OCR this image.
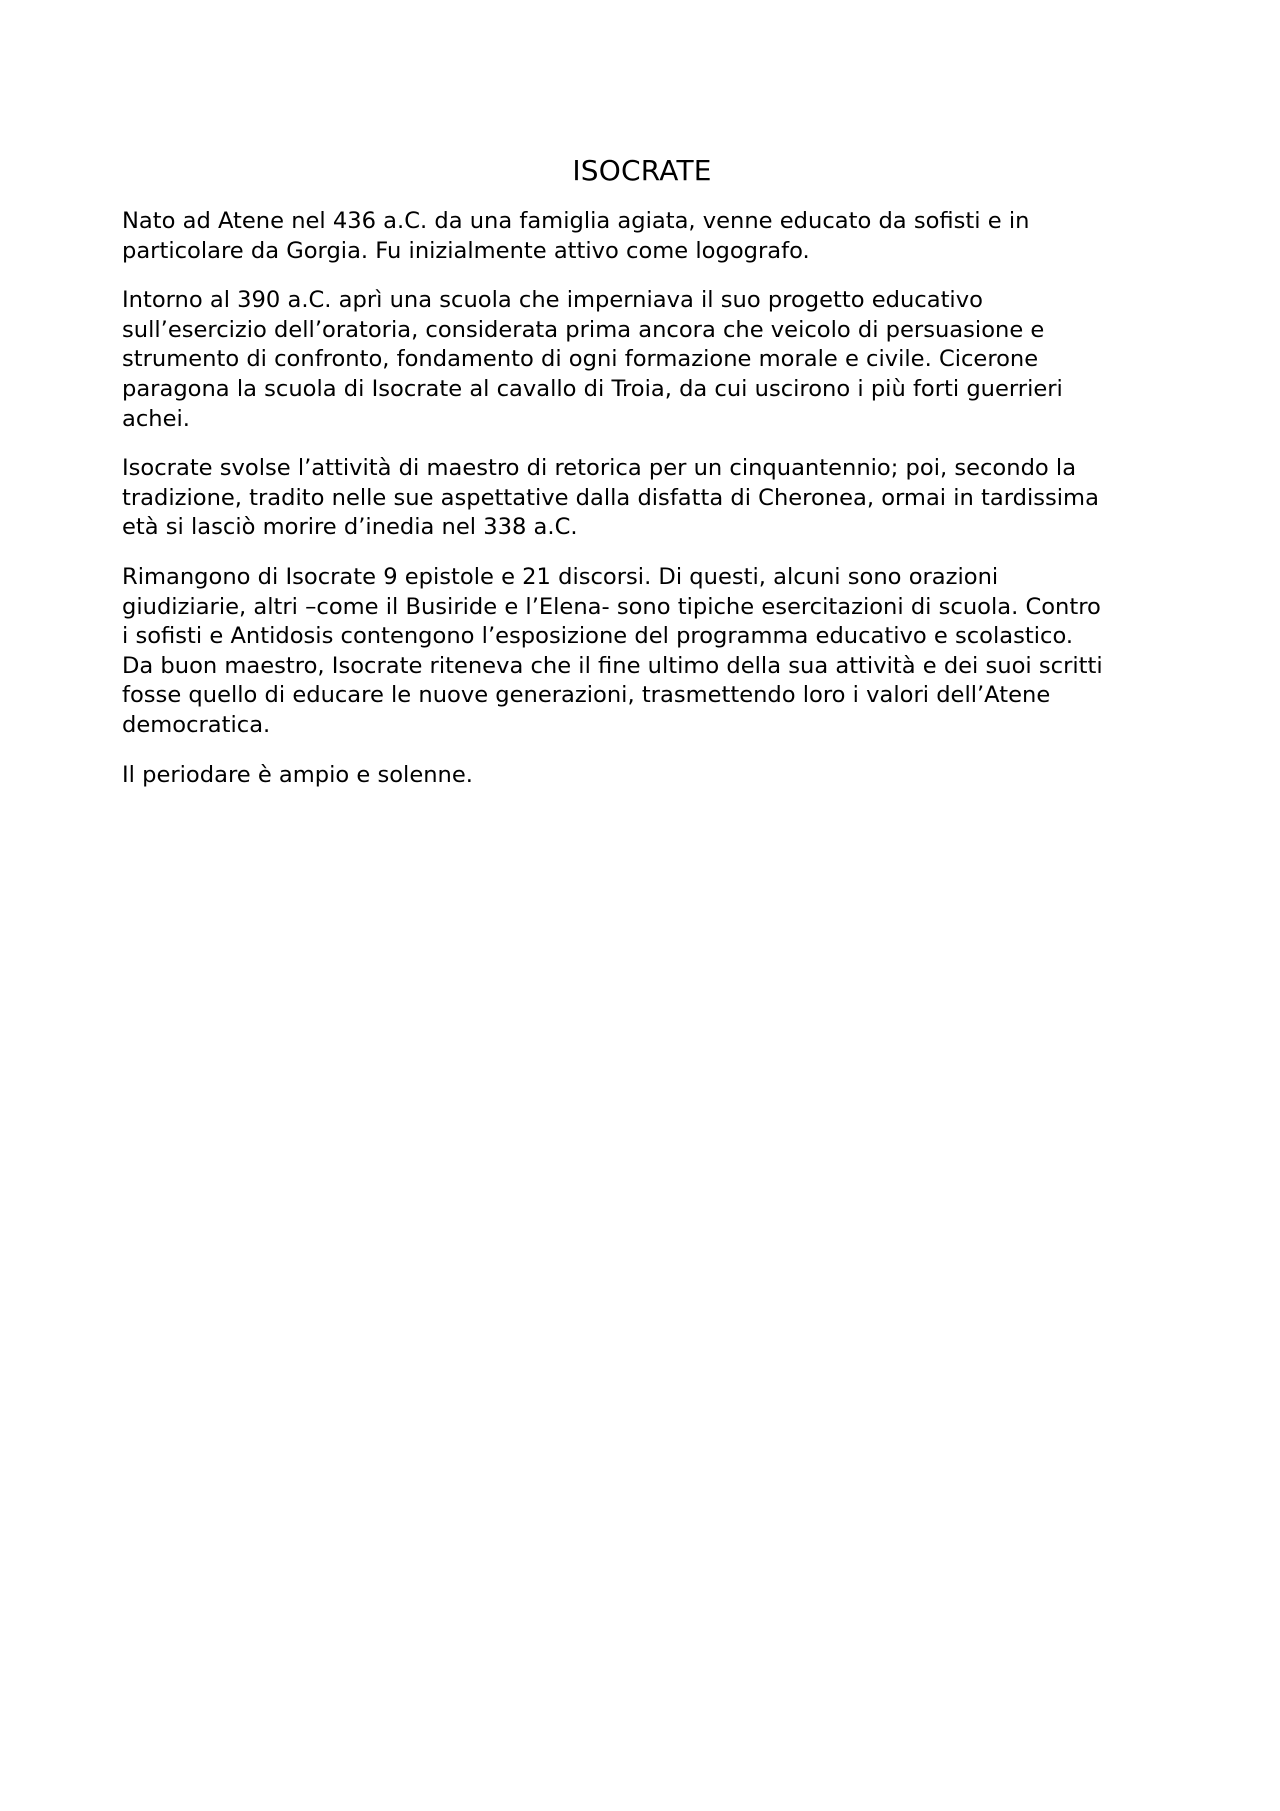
ISOCRATE

Nato ad Atene nel 436 a.C. da una famiglia agiata, venne educato da sofisti e in
particolare da Gorgia. Fu inizialmente attivo come logografo.

Intorno al 390 a.C. aprì una scuola che imperniava il suo progetto educativo
sull’esercizio dell’oratoria, considerata prima ancora che veicolo di persuasione e
strumento di confronto, fondamento di ogni formazione morale e civile. Cicerone
paragona la scuola di Isocrate al cavallo di Troia, da cui uscirono i più forti guerrieri
achei.

Isocrate svolse l’attività di maestro di retorica per un cinquantennio; poi, secondo la
tradizione, tradito nelle sue aspettative dalla disfatta di Cheronea, ormai in tardissima
età si lasciò morire d’inedia nel 338 a.C.

Rimangono di Isocrate 9 epistole e 21 discorsi. Di questi, alcuni sono orazioni
giudiziarie, altri –come il Busiride e l’Elena- sono tipiche esercitazioni di scuola. Contro
i sofisti e Antidosis contengono l’esposizione del programma educativo e scolastico.
Da buon maestro, Isocrate riteneva che il fine ultimo della sua attività e dei suoi scritti
fosse quello di educare le nuove generazioni, trasmettendo loro i valori dell’Atene
democratica.

Il periodare è ampio e solenne.
